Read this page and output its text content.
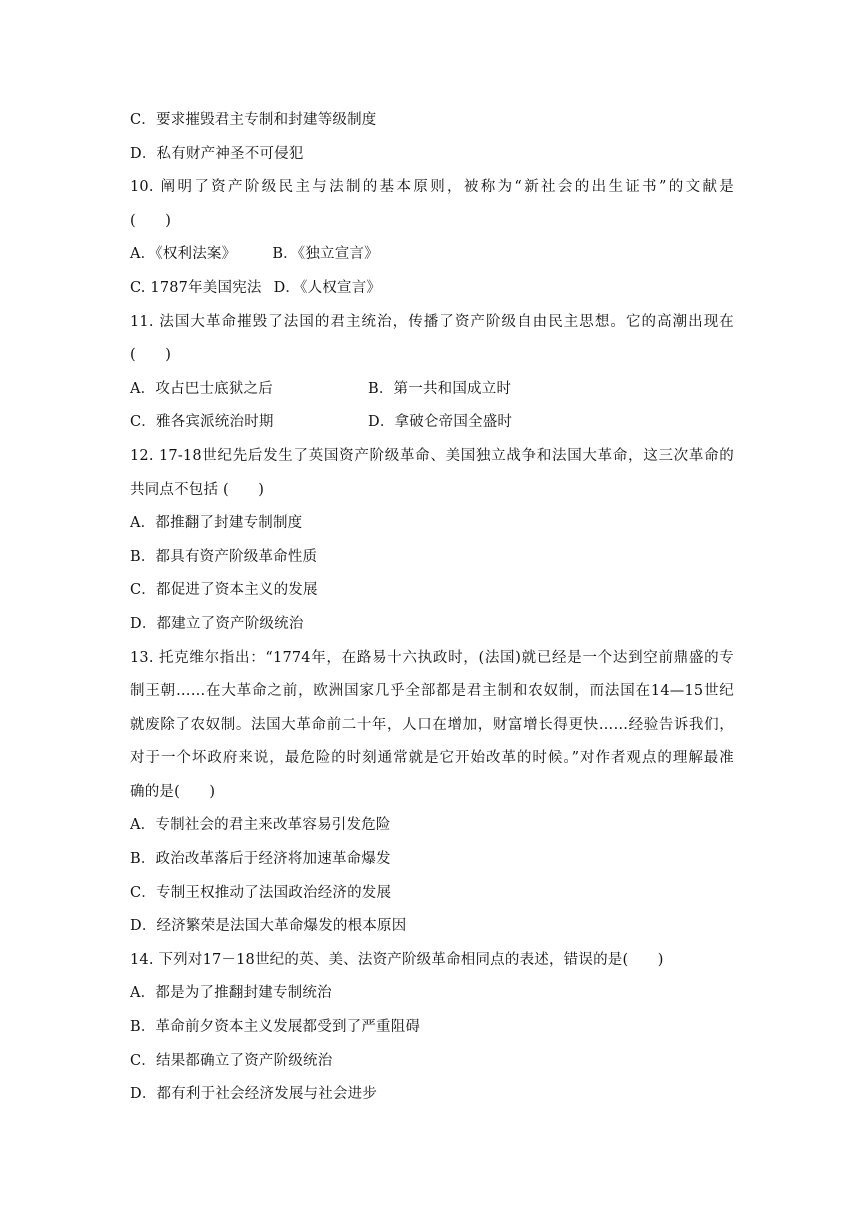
C．要求摧毁君主专制和封建等级制度
D．私有财产神圣不可侵犯
10. 阐明了资产阶级民主与法制的基本原则，被称为“新社会的出生证书”的文献是
(　　)
A．《权利法案》 B．《独立宣言》
C. 1787年美国宪法 D．《人权宣言》
11. 法国大革命摧毁了法国的君主统治，传播了资产阶级自由民主思想。它的高潮出现在
(　　)
A．攻占巴士底狱之后	B．第一共和国成立时
C．雅各宾派统治时期	D．拿破仑帝国全盛时
12. 17-18世纪先后发生了英国资产阶级革命、美国独立战争和法国大革命，这三次革命的
共同点不包括 (　　)
A．都推翻了封建专制制度
B．都具有资产阶级革命性质
C．都促进了资本主义的发展
D．都建立了资产阶级统治
13. 托克维尔指出：“1774年，在路易十六执政时，(法国)就已经是一个达到空前鼎盛的专
制王朝……在大革命之前，欧洲国家几乎全部都是君主制和农奴制，而法国在14—15世纪
就废除了农奴制。法国大革命前二十年，人口在增加，财富增长得更快……经验告诉我们，
对于一个坏政府来说，最危险的时刻通常就是它开始改革的时候。”对作者观点的理解最准
确的是(　　)
A．专制社会的君主来改革容易引发危险
B．政治改革落后于经济将加速革命爆发
C．专制王权推动了法国政治经济的发展
D．经济繁荣是法国大革命爆发的根本原因
14. 下列对17－18世纪的英、美、法资产阶级革命相同点的表述，错误的是(　　)
A．都是为了推翻封建专制统治
B．革命前夕资本主义发展都受到了严重阻碍
C．结果都确立了资产阶级统治
D．都有利于社会经济发展与社会进步
